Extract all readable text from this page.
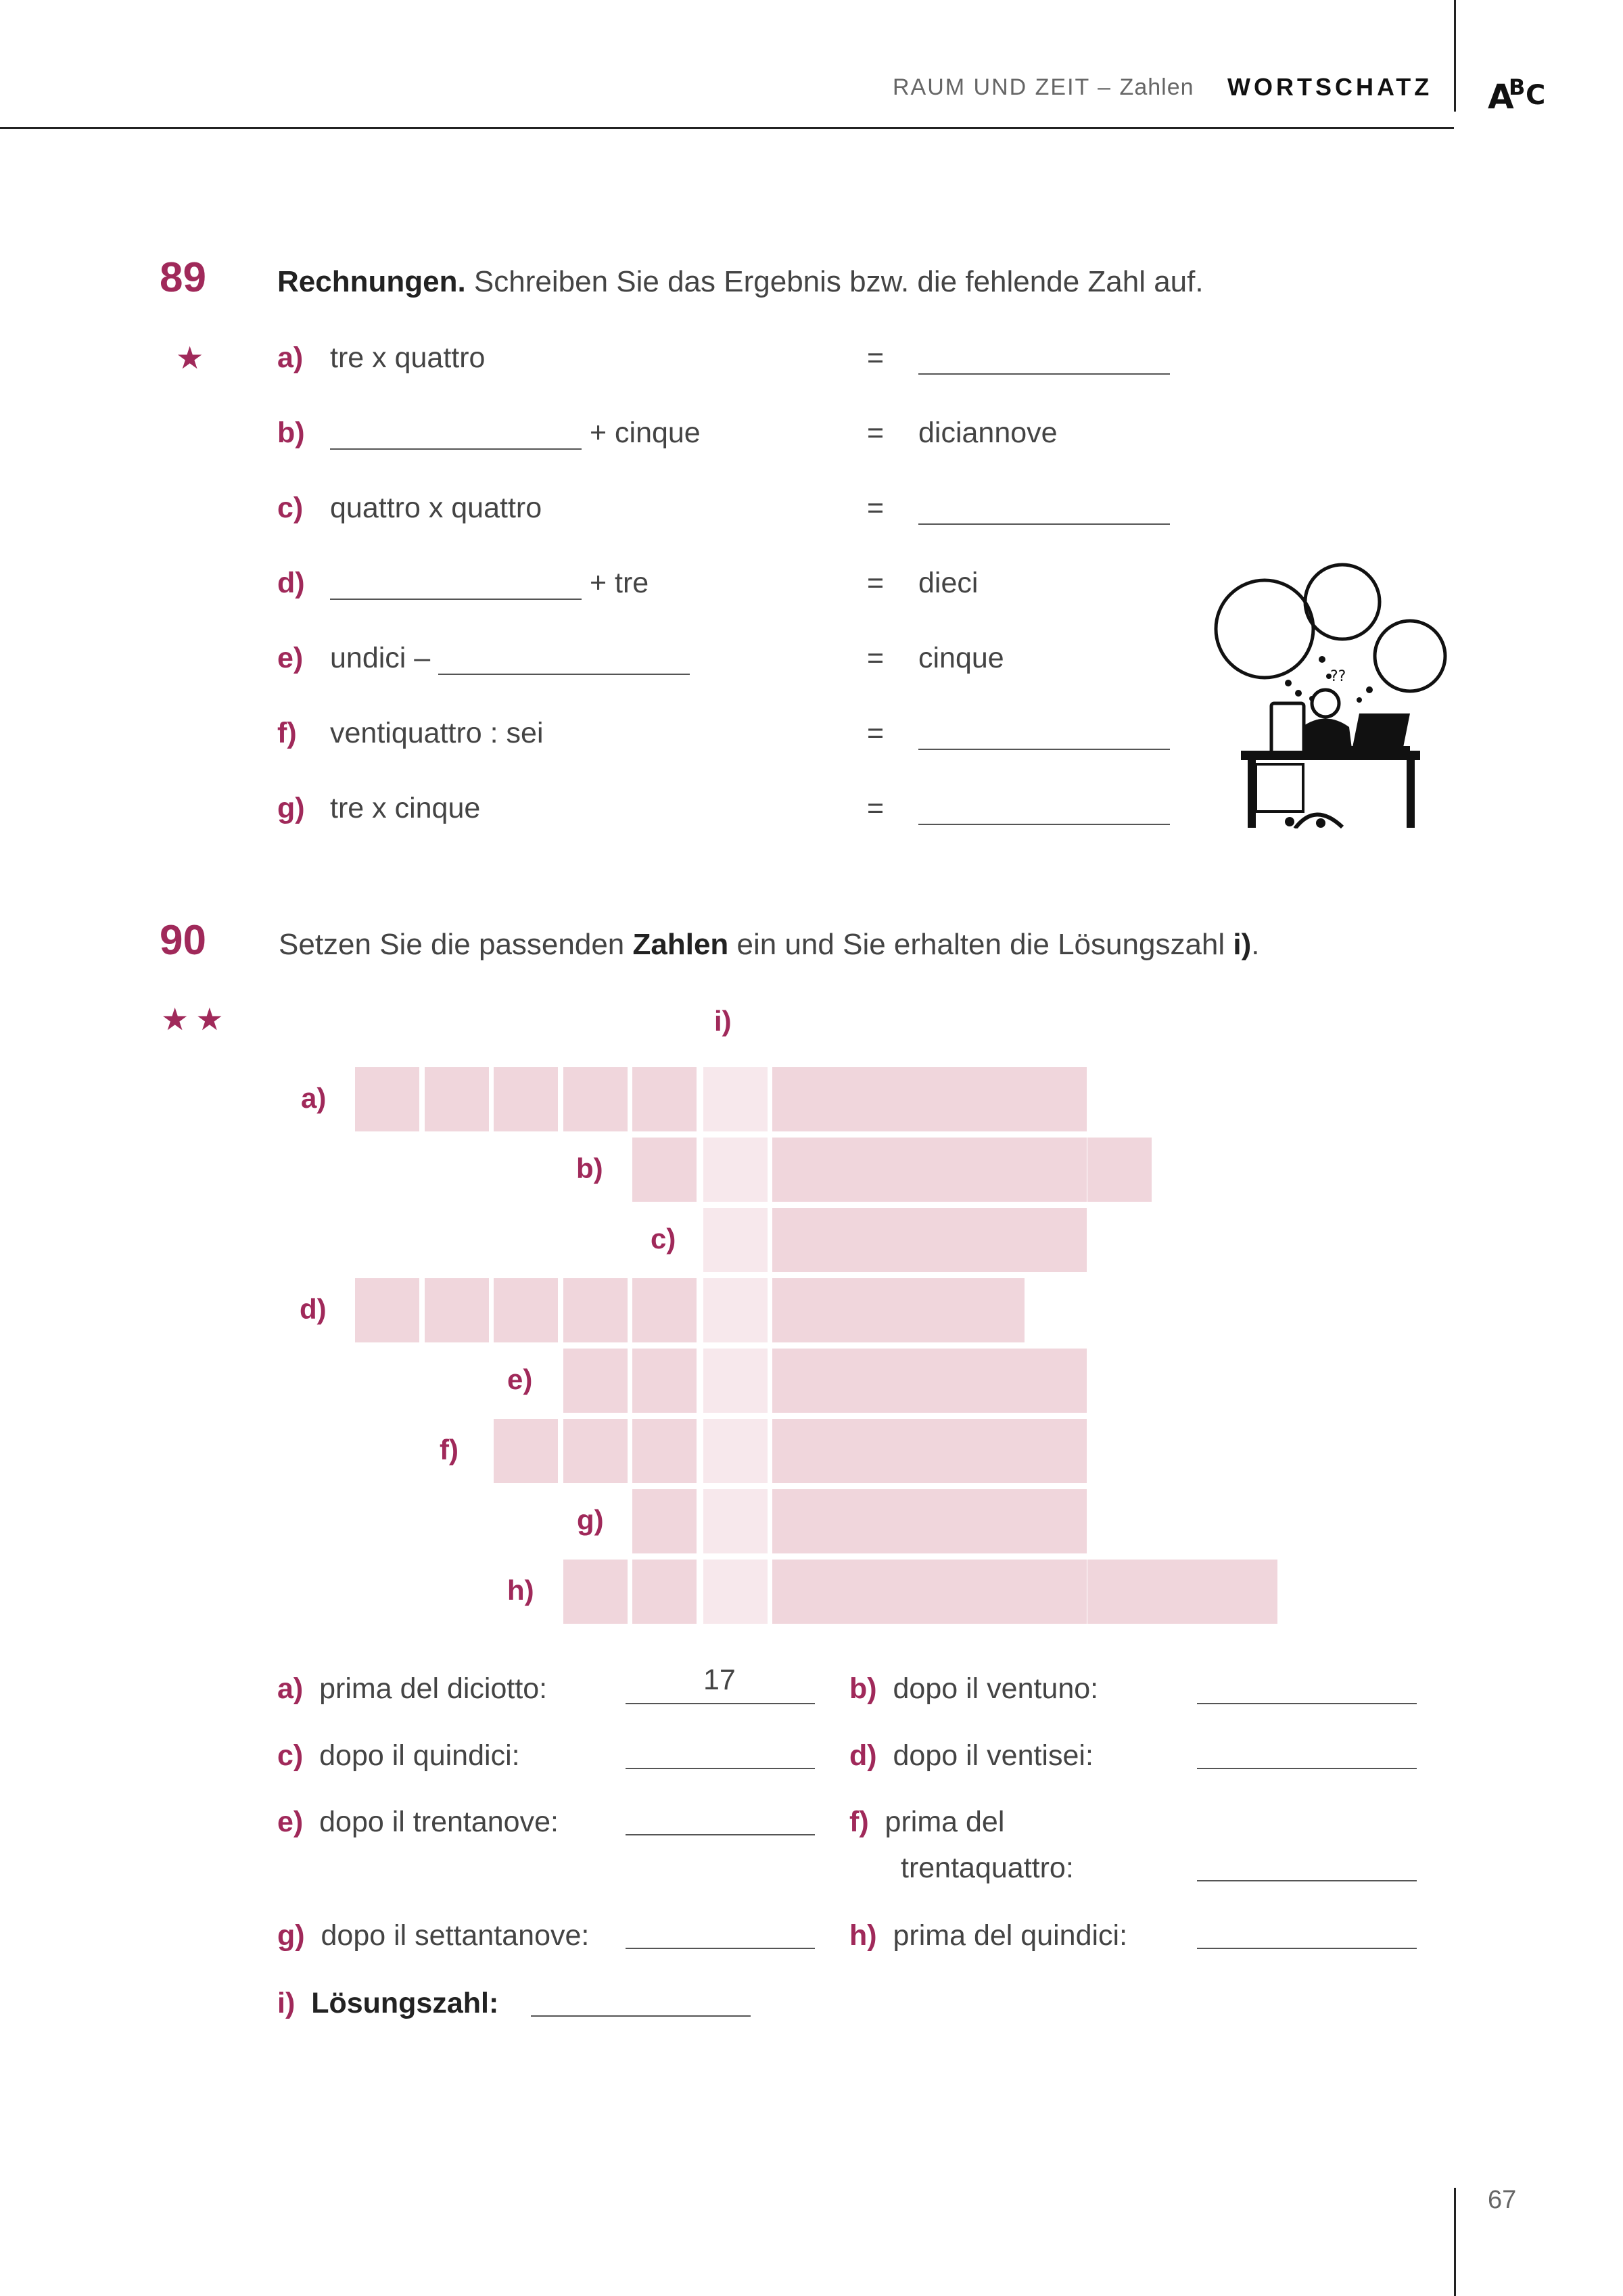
RAUM UND ZEIT – Zahlen WORTSCHATZ A
B C
89
★
Rechnungen. Schreiben Sie das Ergebnis bzw. die fehlende Zahl auf.
a) tre x quattro	=
b)	+ cinque	= diciannove
c) quattro x quattro	=
d)	+ tre	= dieci
e) undici –	= cinque
f) ventiquattro : sei	=
g) tre x cinque	=
??
90
★★
Setzen Sie die passenden Zahlen ein und Sie erhalten die Lösungszahl i).
i)
a)
b)
c)
d)
e)
f)
g)
h)
a) prima del diciotto:	17	b) dopo il ventuno:
c) dopo il quindici:	d) dopo il ventisei:
e) dopo il trentanove:	f) prima del
trentaquattro:
g) dopo il settantanove:	h) prima del quindici:
i) Lösungszahl:
67
